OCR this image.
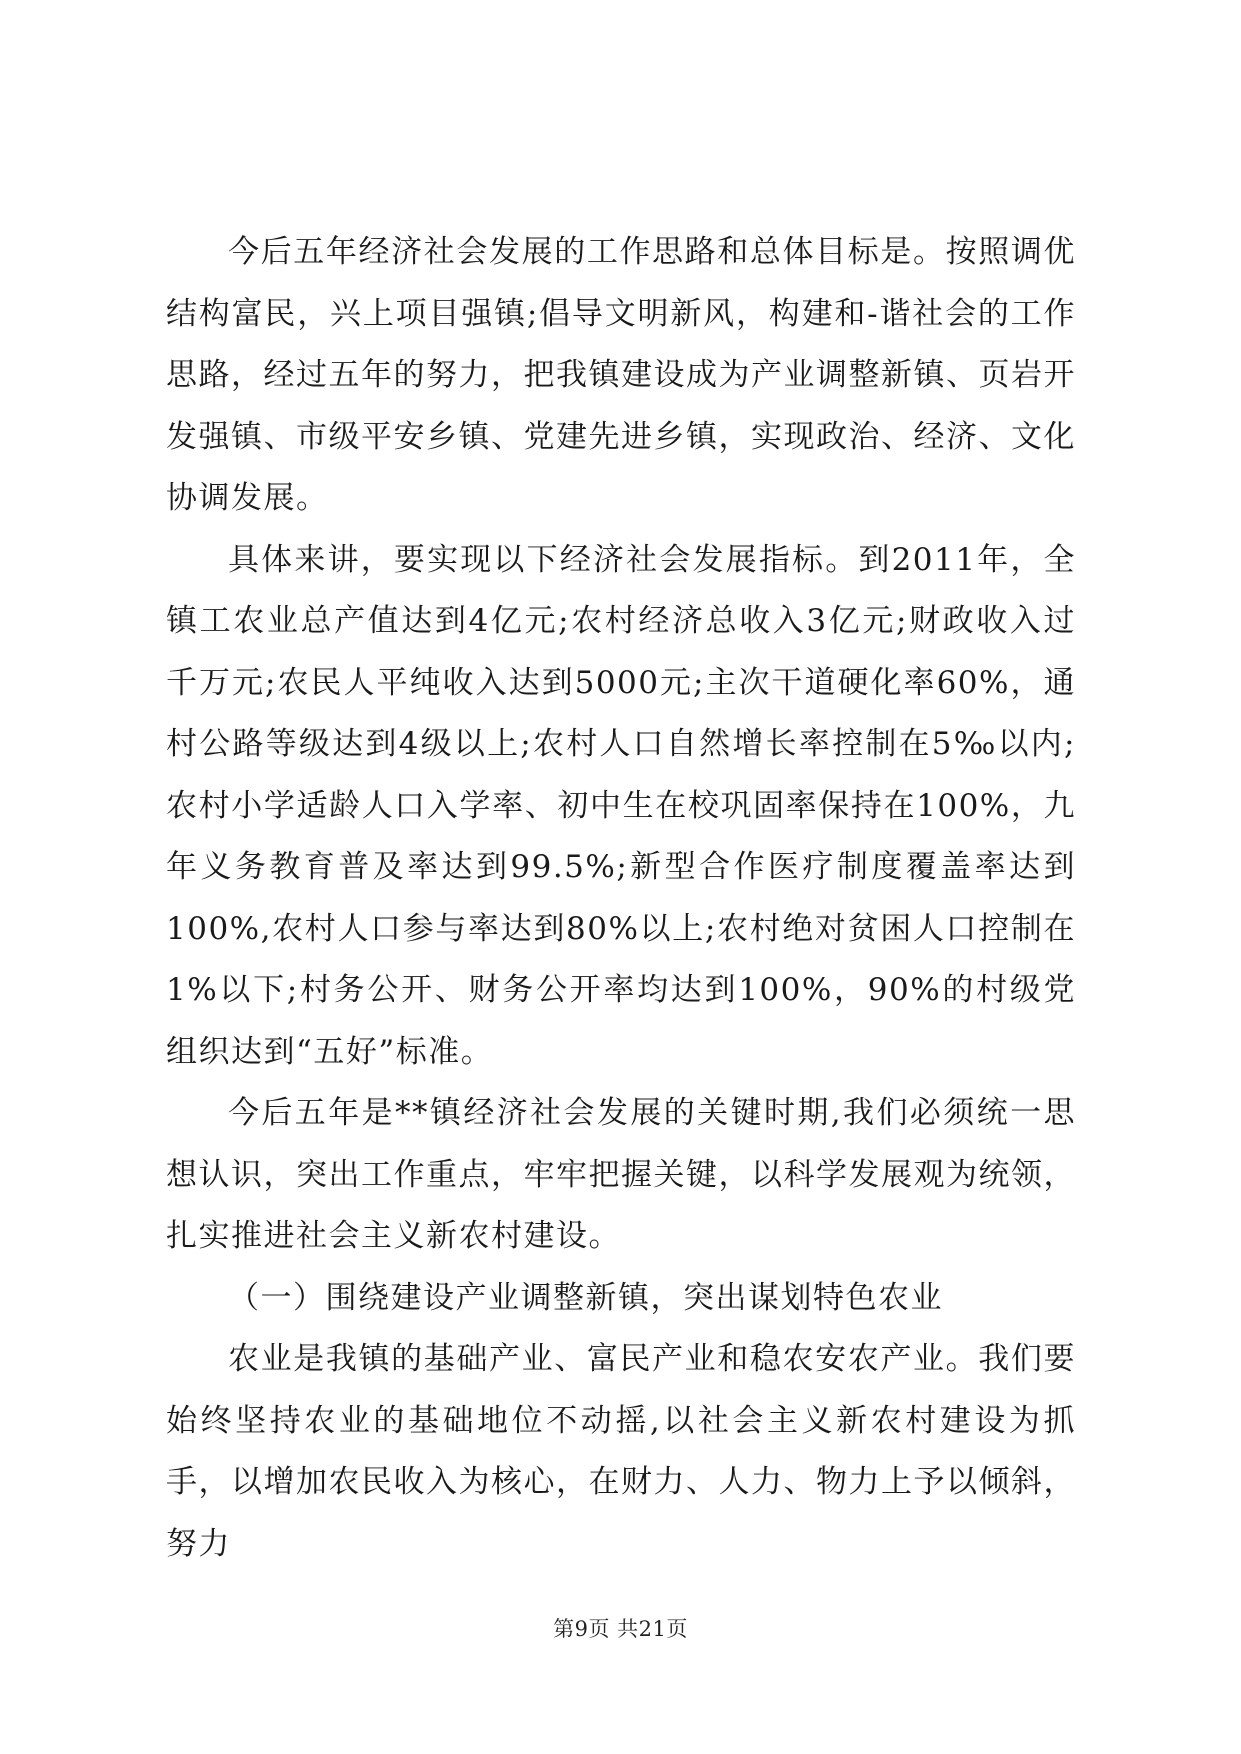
今后五年经济社会发展的工作思路和总体目标是。按照调优结构富民，兴上项目强镇;倡导文明新风，构建和-谐社会的工作思路，经过五年的努力，把我镇建设成为产业调整新镇、页岩开发强镇、市级平安乡镇、党建先进乡镇，实现政治、经济、文化协调发展。

具体来讲，要实现以下经济社会发展指标。到2011年，全镇工农业总产值达到4亿元;农村经济总收入3亿元;财政收入过千万元;农民人平纯收入达到5000元;主次干道硬化率60%，通村公路等级达到4级以上;农村人口自然增长率控制在5‰以内;农村小学适龄人口入学率、初中生在校巩固率保持在100%，九年义务教育普及率达到99.5%;新型合作医疗制度覆盖率达到100%,农村人口参与率达到80%以上;农村绝对贫困人口控制在1%以下;村务公开、财务公开率均达到100%，90%的村级党组织达到“五好”标准。

今后五年是**镇经济社会发展的关键时期,我们必须统一思想认识，突出工作重点，牢牢把握关键，以科学发展观为统领，扎实推进社会主义新农村建设。

（一）围绕建设产业调整新镇，突出谋划特色农业

农业是我镇的基础产业、富民产业和稳农安农产业。我们要始终坚持农业的基础地位不动摇,以社会主义新农村建设为抓手，以增加农民收入为核心，在财力、人力、物力上予以倾斜，努力

第9页 共21页
